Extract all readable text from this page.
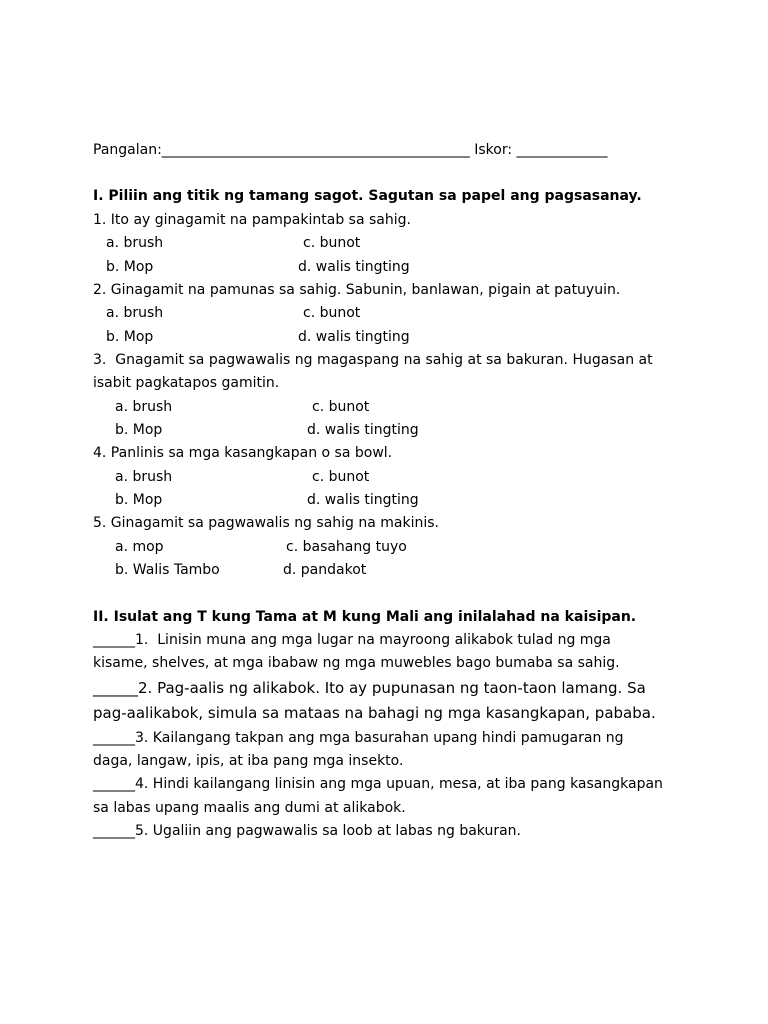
Pangalan:____________________________________________ Iskor: _____________
I. Piliin ang titik ng tamang sagot. Sagutan sa papel ang pagsasanay.
1. Ito ay ginagamit na pampakintab sa sahig.
a. brush	c. bunot
b. Mop	d. walis tingting
2. Ginagamit na pamunas sa sahig. Sabunin, banlawan, pigain at patuyuin.
a. brush	c. bunot
b. Mop	d. walis tingting
3.  Gnagamit sa pagwawalis ng magaspang na sahig at sa bakuran. Hugasan at
isabit pagkatapos gamitin.
a. brush	c. bunot
b. Mop	d. walis tingting
4. Panlinis sa mga kasangkapan o sa bowl.
a. brush	c. bunot
b. Mop	d. walis tingting
5. Ginagamit sa pagwawalis ng sahig na makinis.
a. mop	c. basahang tuyo
b. Walis Tambo	d. pandakot
II. Isulat ang T kung Tama at M kung Mali ang inilalahad na kaisipan.
______1.  Linisin muna ang mga lugar na mayroong alikabok tulad ng mga
kisame, shelves, at mga ibabaw ng mga muwebles bago bumaba sa sahig.
______2. Pag-aalis ng alikabok. Ito ay pupunasan ng taon-taon lamang. Sa
pag-aalikabok, simula sa mataas na bahagi ng mga kasangkapan, pababa.
______3. Kailangang takpan ang mga basurahan upang hindi pamugaran ng
daga, langaw, ipis, at iba pang mga insekto.
______4. Hindi kailangang linisin ang mga upuan, mesa, at iba pang kasangkapan
sa labas upang maalis ang dumi at alikabok.
______5. Ugaliin ang pagwawalis sa loob at labas ng bakuran.
